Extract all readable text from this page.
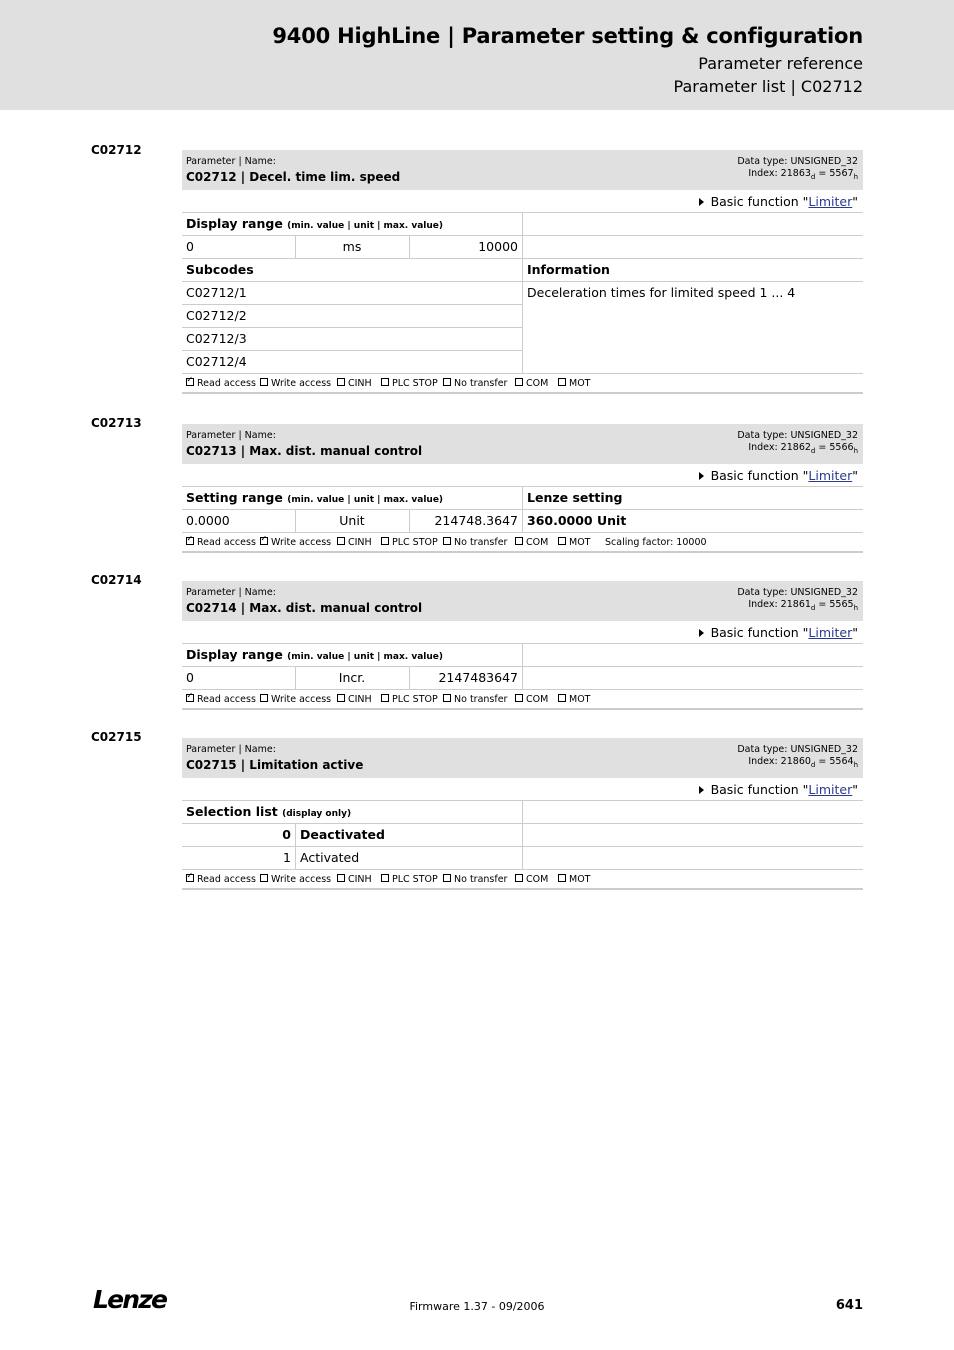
9400 HighLine | Parameter setting & configuration
Parameter reference
Parameter list | C02712
C02712
Parameter | Name:
C02712 | Decel. time lim. speed
Data type: UNSIGNED_32
Index: $21863_d = 5567_h$
Basic function "Limiter"
Display range (min. value | unit | max. value)
0	ms	10000
Subcodes	Information
C02712/1
C02712/2
C02712/3
C02712/4
Deceleration times for limited speed 1 ... 4
✓Read access	Write access	CINH	PLC STOP	No transfer	COM	MOT
C02713
Parameter | Name:
C02713 | Max. dist. manual control
Data type: UNSIGNED_32
Index: $21862_d = 5566_h$
Basic function "Limiter"
Setting range (min. value | unit | max. value)	Lenze setting
0.0000	Unit	214748.3647 360.0000 Unit
✓Read access
✓	Write access	CINH	PLC STOP	No transfer	COM	MOT Scaling factor: 10000
C02714
Parameter | Name:
C02714 | Max. dist. manual control
Data type: UNSIGNED_32
Index: $21861_d = 5565_h$
Basic function "Limiter"
Display range (min. value | unit | max. value)
0	Incr.	2147483647
✓Read access	Write access	CINH	PLC STOP	No transfer	COM	MOT
C02715
Parameter | Name:
C02715 | Limitation active
Data type: UNSIGNED_32
Index: $21860_d = 5564_h$
Basic function "Limiter"
Selection list (display only)
0 Deactivated
1 Activated
✓Read access	Write access	CINH	PLC STOP	No transfer	COM	MOT
Lenze	Firmware 1.37 - 09/2006	641
